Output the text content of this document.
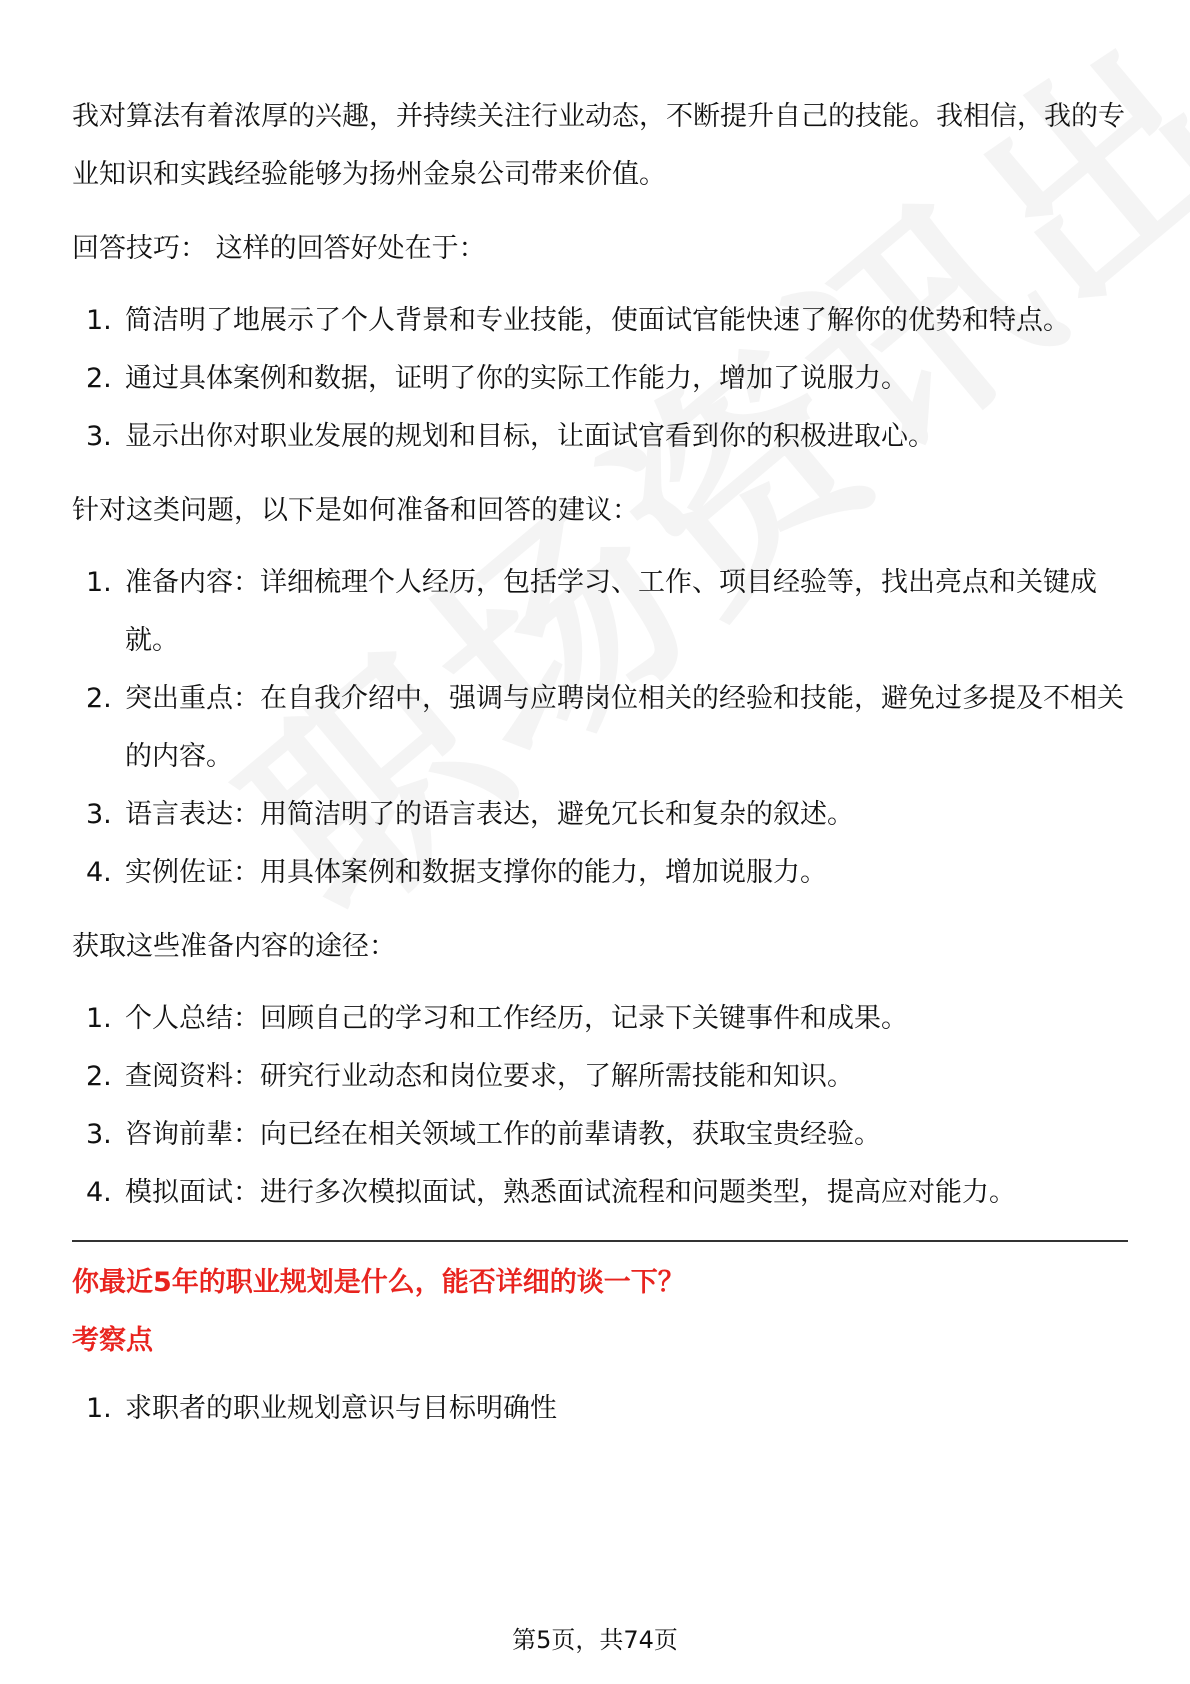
我对算法有着浓厚的兴趣，并持续关注行业动态，不断提升自己的技能。我相信，我的专业知识和实践经验能够为扬州金泉公司带来价值。

回答技巧： 这样的回答好处在于：

1. 简洁明了地展示了个人背景和专业技能，使面试官能快速了解你的优势和特点。
2. 通过具体案例和数据，证明了你的实际工作能力，增加了说服力。
3. 显示出你对职业发展的规划和目标，让面试官看到你的积极进取心。

针对这类问题，以下是如何准备和回答的建议：

1. 准备内容：详细梳理个人经历，包括学习、工作、项目经验等，找出亮点和关键成就。
2. 突出重点：在自我介绍中，强调与应聘岗位相关的经验和技能，避免过多提及不相关的内容。
3. 语言表达：用简洁明了的语言表达，避免冗长和复杂的叙述。
4. 实例佐证：用具体案例和数据支撑你的能力，增加说服力。

获取这些准备内容的途径：

1. 个人总结：回顾自己的学习和工作经历，记录下关键事件和成果。
2. 查阅资料：研究行业动态和岗位要求，了解所需技能和知识。
3. 咨询前辈：向已经在相关领域工作的前辈请教，获取宝贵经验。
4. 模拟面试：进行多次模拟面试，熟悉面试流程和问题类型，提高应对能力。

你最近5年的职业规划是什么，能否详细的谈一下？

考察点

1. 求职者的职业规划意识与目标明确性
第5页，共74页
